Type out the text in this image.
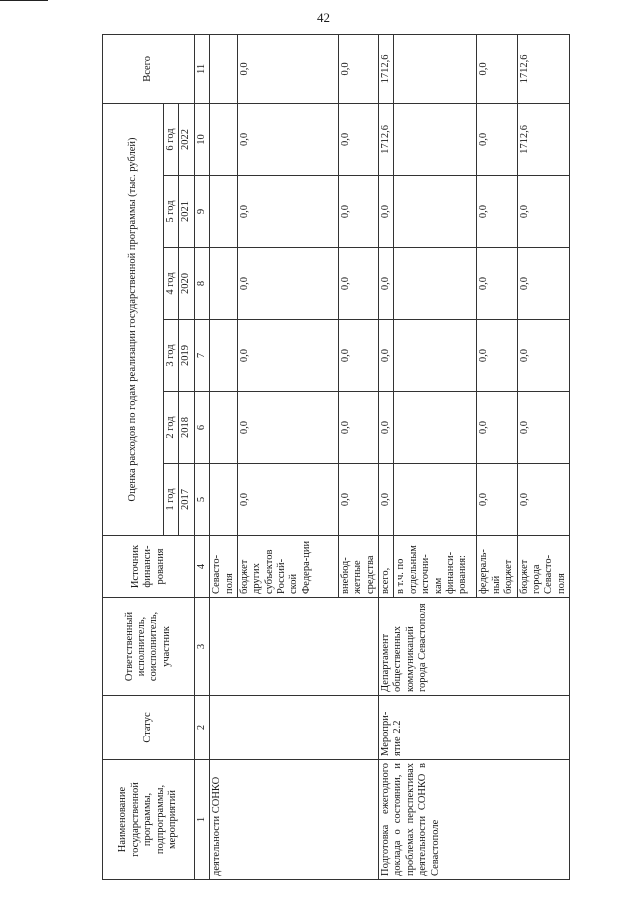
42
Наименование государственной программы, подпрограммы, мероприятий	Статус	Ответственный исполнитель, соисполнитель, участник	Источник финанси-рования	Оценка расходов по годам реализации государственной программы (тыс. рублей)						Всего
				1 год	2 год	3 год	4 год	5 год	6 год	
				2017	2018	2019	2020	2021	2022	
1	2	3	4	5	6	7	8	9	10	11
деятельности СОНКО			Севасто-поля							
			бюджет других субъектов Россий-ской Федера-ции	0,0	0,0	0,0	0,0	0,0	0,0	0,0
			внебюд-жетные средства	0,0	0,0	0,0	0,0	0,0	0,0	0,0
Подготовка ежегодного доклада о состоянии, и проблемах перспективах деятельности СОНКО в Севастополе	Меропри-ятие 2.2	Департамент общественных коммуникаций города Севастополя	всего,	0,0	0,0	0,0	0,0	0,0	1712,6	1712,6
			в т.ч. по отдельным источни-кам финанси-рования:							
			федераль-ный бюджет	0,0	0,0	0,0	0,0	0,0	0,0	0,0
			бюджет города Севасто-поля	0,0	0,0	0,0	0,0	0,0	1712,6	1712,6
